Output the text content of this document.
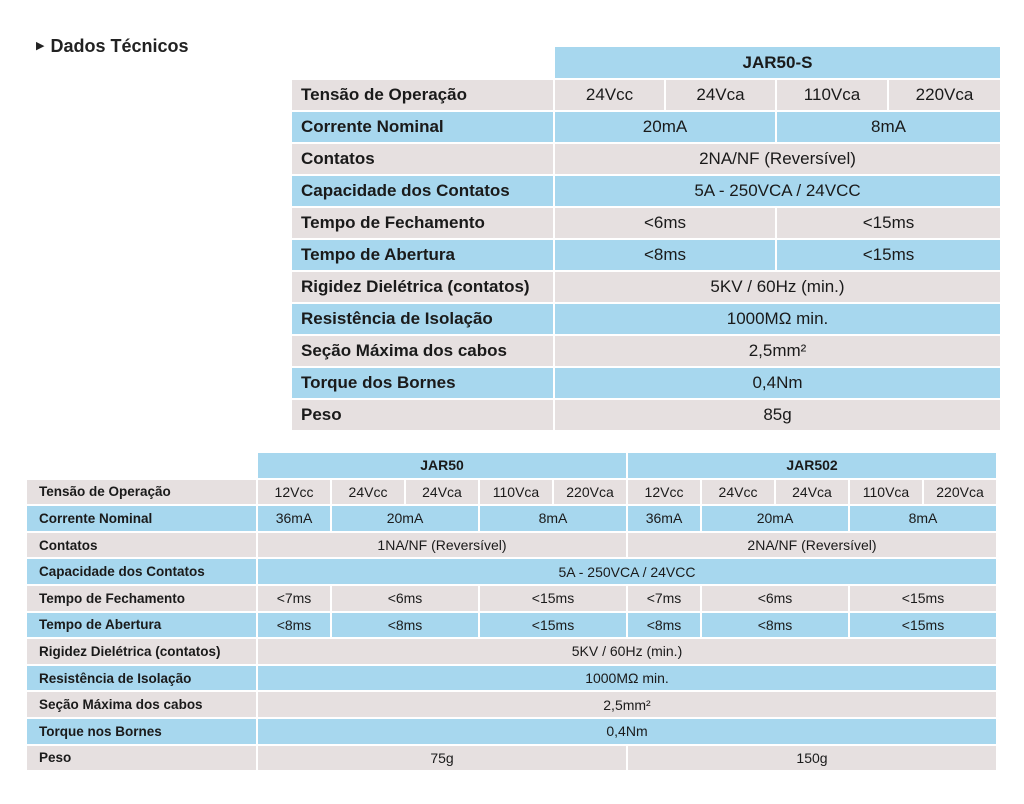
▶ Dados Técnicos
JAR50-S
Tensão de Operação	24Vcc	24Vca	110Vca	220Vca
Corrente Nominal	20mA	8mA
Contatos	2NA/NF (Reversível)
Capacidade dos Contatos	5A - 250VCA / 24VCC
Tempo de Fechamento	<6ms	<15ms
Tempo de Abertura	<8ms	<15ms
Rigidez Dielétrica (contatos)	5KV / 60Hz (min.)
Resistência de Isolação	1000MΩ min.
Seção Máxima dos cabos	2,5mm²
Torque dos Bornes	0,4Nm
Peso	85g
JAR50	JAR502
Tensão de Operação	12Vcc	24Vcc	24Vca	110Vca	220Vca	12Vcc	24Vcc	24Vca	110Vca	220Vca
Corrente Nominal	36mA	20mA	8mA	36mA	20mA	8mA
Contatos	1NA/NF (Reversível)	2NA/NF (Reversível)
Capacidade dos Contatos	5A - 250VCA / 24VCC
Tempo de Fechamento	<7ms	<6ms	<15ms	<7ms	<6ms	<15ms
Tempo de Abertura	<8ms	<8ms	<15ms	<8ms	<8ms	<15ms
Rigidez Dielétrica (contatos)	5KV / 60Hz (min.)
Resistência de Isolação	1000MΩ min.
Seção Máxima dos cabos	2,5mm²
Torque nos Bornes	0,4Nm
Peso	75g	150g
